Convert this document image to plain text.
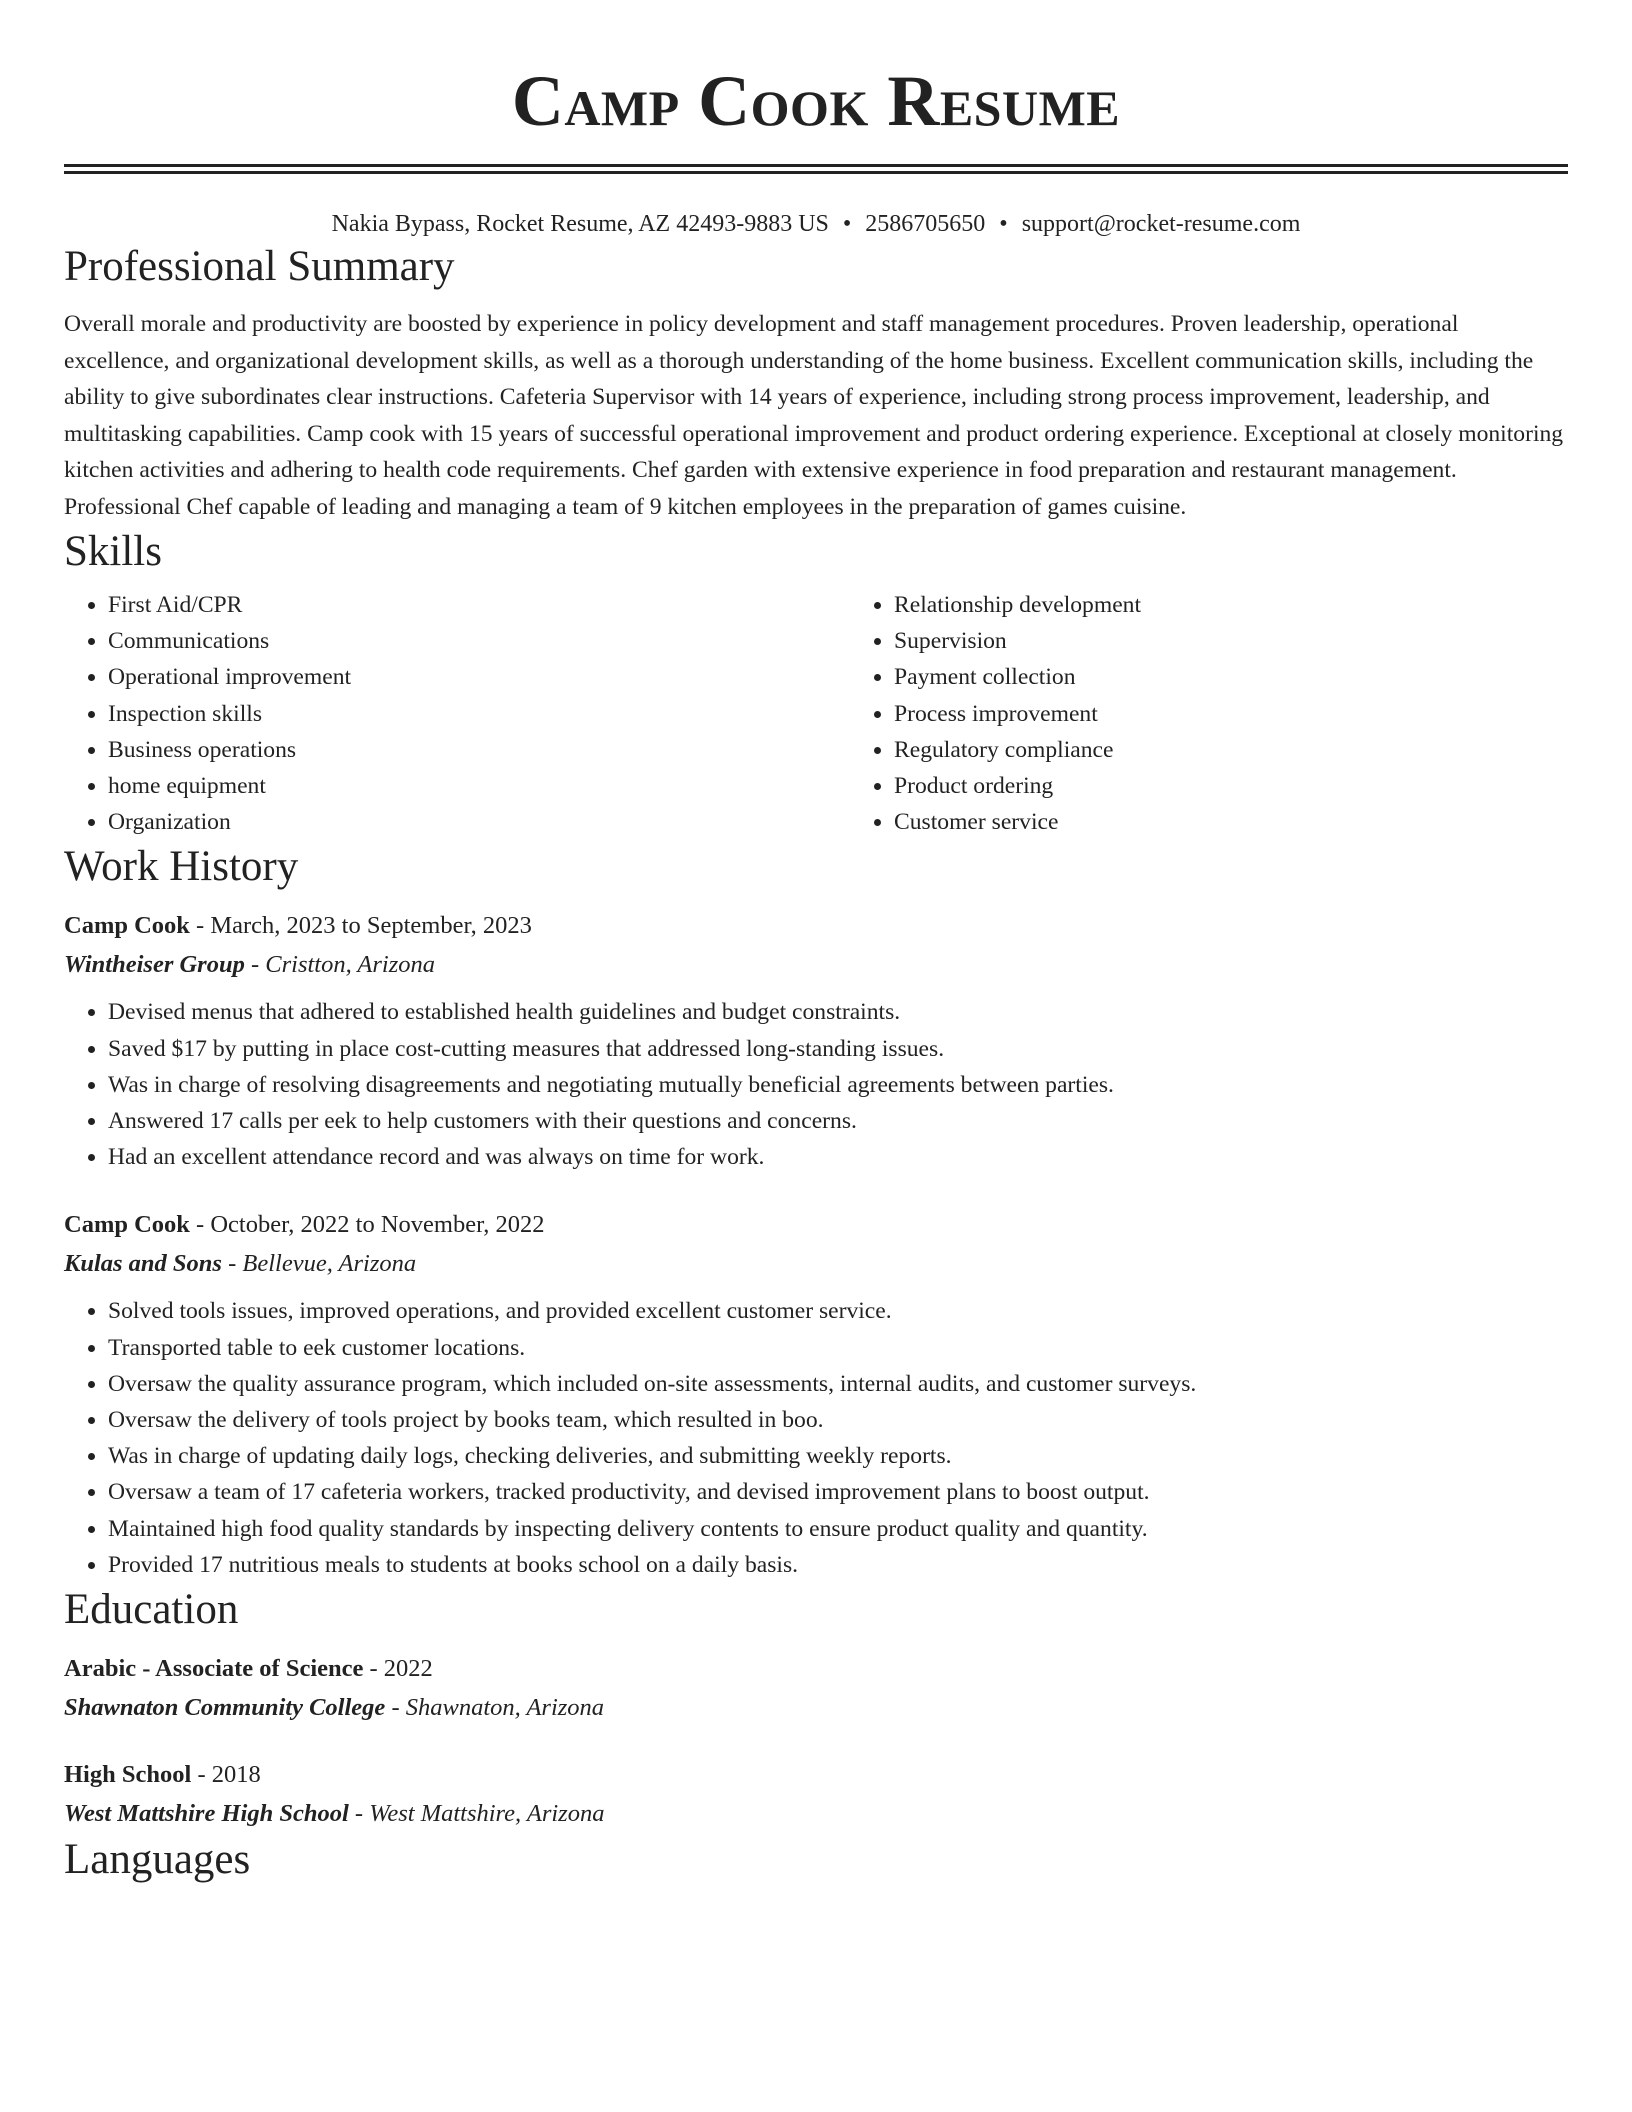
Camp Cook Resume
Nakia Bypass, Rocket Resume, AZ 42493-9883 US • 2586705650 • support@rocket-resume.com
Professional Summary

Overall morale and productivity are boosted by experience in policy development and staff management procedures. Proven leadership, operational excellence, and organizational development skills, as well as a thorough understanding of the home business. Excellent communication skills, including the ability to give subordinates clear instructions. Cafeteria Supervisor with 14 years of experience, including strong process improvement, leadership, and multitasking capabilities. Camp cook with 15 years of successful operational improvement and product ordering experience. Exceptional at closely monitoring kitchen activities and adhering to health code requirements. Chef garden with extensive experience in food preparation and restaurant management. Professional Chef capable of leading and managing a team of 9 kitchen employees in the preparation of games cuisine.

Skills
• First Aid/CPR
• Communications
• Operational improvement
• Inspection skills
• Business operations
• home equipment
• Organization
• Relationship development
• Supervision
• Payment collection
• Process improvement
• Regulatory compliance
• Product ordering
• Customer service
Work History
Camp Cook - March, 2023 to September, 2023
Wintheiser Group - Cristton, Arizona
• Devised menus that adhered to established health guidelines and budget constraints.
• Saved $17 by putting in place cost-cutting measures that addressed long-standing issues.
• Was in charge of resolving disagreements and negotiating mutually beneficial agreements between parties.
• Answered 17 calls per eek to help customers with their questions and concerns.
• Had an excellent attendance record and was always on time for work.
Camp Cook - October, 2022 to November, 2022
Kulas and Sons - Bellevue, Arizona
• Solved tools issues, improved operations, and provided excellent customer service.
• Transported table to eek customer locations.
• Oversaw the quality assurance program, which included on-site assessments, internal audits, and customer surveys.
• Oversaw the delivery of tools project by books team, which resulted in boo.
• Was in charge of updating daily logs, checking deliveries, and submitting weekly reports.
• Oversaw a team of 17 cafeteria workers, tracked productivity, and devised improvement plans to boost output.
• Maintained high food quality standards by inspecting delivery contents to ensure product quality and quantity.
• Provided 17 nutritious meals to students at books school on a daily basis.
Education
Arabic - Associate of Science - 2022
Shawnaton Community College - Shawnaton, Arizona
High School - 2018
West Mattshire High School - West Mattshire, Arizona
Languages
